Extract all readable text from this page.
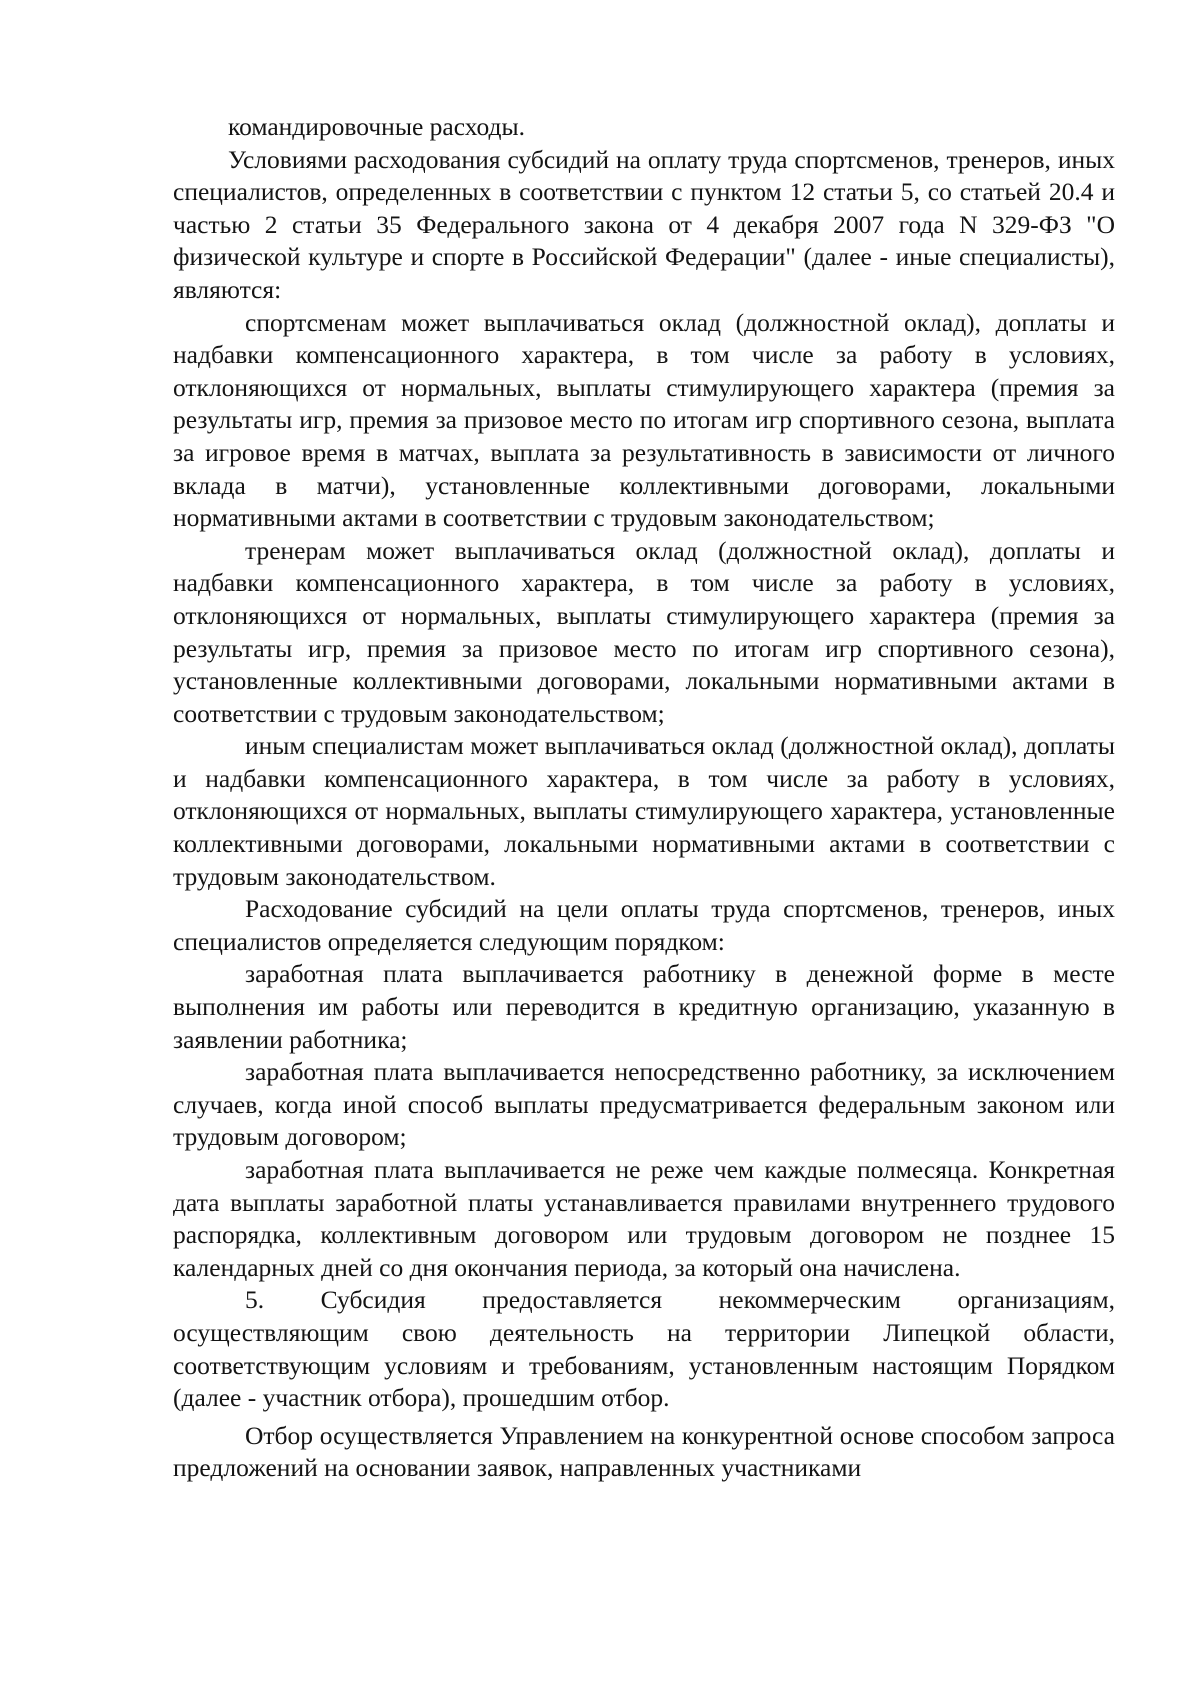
командировочные расходы.

Условиями расходования субсидий на оплату труда спортсменов, тренеров, иных специалистов, определенных в соответствии с пунктом 12 статьи 5, со статьей 20.4 и частью 2 статьи 35 Федерального закона от 4 декабря 2007 года N 329-ФЗ "О физической культуре и спорте в Российской Федерации" (далее - иные специалисты), являются:

спортсменам может выплачиваться оклад (должностной оклад), доплаты и надбавки компенсационного характера, в том числе за работу в условиях, отклоняющихся от нормальных, выплаты стимулирующего характера (премия за результаты игр, премия за призовое место по итогам игр спортивного сезона, выплата за игровое время в матчах, выплата за результативность в зависимости от личного вклада в матчи), установленные коллективными договорами, локальными нормативными актами в соответствии с трудовым законодательством;

тренерам может выплачиваться оклад (должностной оклад), доплаты и надбавки компенсационного характера, в том числе за работу в условиях, отклоняющихся от нормальных, выплаты стимулирующего характера (премия за результаты игр, премия за призовое место по итогам игр спортивного сезона), установленные коллективными договорами, локальными нормативными актами в соответствии с трудовым законодательством;

иным специалистам может выплачиваться оклад (должностной оклад), доплаты и надбавки компенсационного характера, в том числе за работу в условиях, отклоняющихся от нормальных, выплаты стимулирующего характера, установленные коллективными договорами, локальными нормативными актами в соответствии с трудовым законодательством.

Расходование субсидий на цели оплаты труда спортсменов, тренеров, иных специалистов определяется следующим порядком:

заработная плата выплачивается работнику в денежной форме в месте выполнения им работы или переводится в кредитную организацию, указанную в заявлении работника;

заработная плата выплачивается непосредственно работнику, за исключением случаев, когда иной способ выплаты предусматривается федеральным законом или трудовым договором;

заработная плата выплачивается не реже чем каждые полмесяца. Конкретная дата выплаты заработной платы устанавливается правилами внутреннего трудового распорядка, коллективным договором или трудовым договором не позднее 15 календарных дней со дня окончания периода, за который она начислена.

5. Субсидия предоставляется некоммерческим организациям, осуществляющим свою деятельность на территории Липецкой области, соответствующим условиям и требованиям, установленным настоящим Порядком (далее - участник отбора), прошедшим отбор.

Отбор осуществляется Управлением на конкурентной основе способом запроса предложений на основании заявок, направленных участниками
